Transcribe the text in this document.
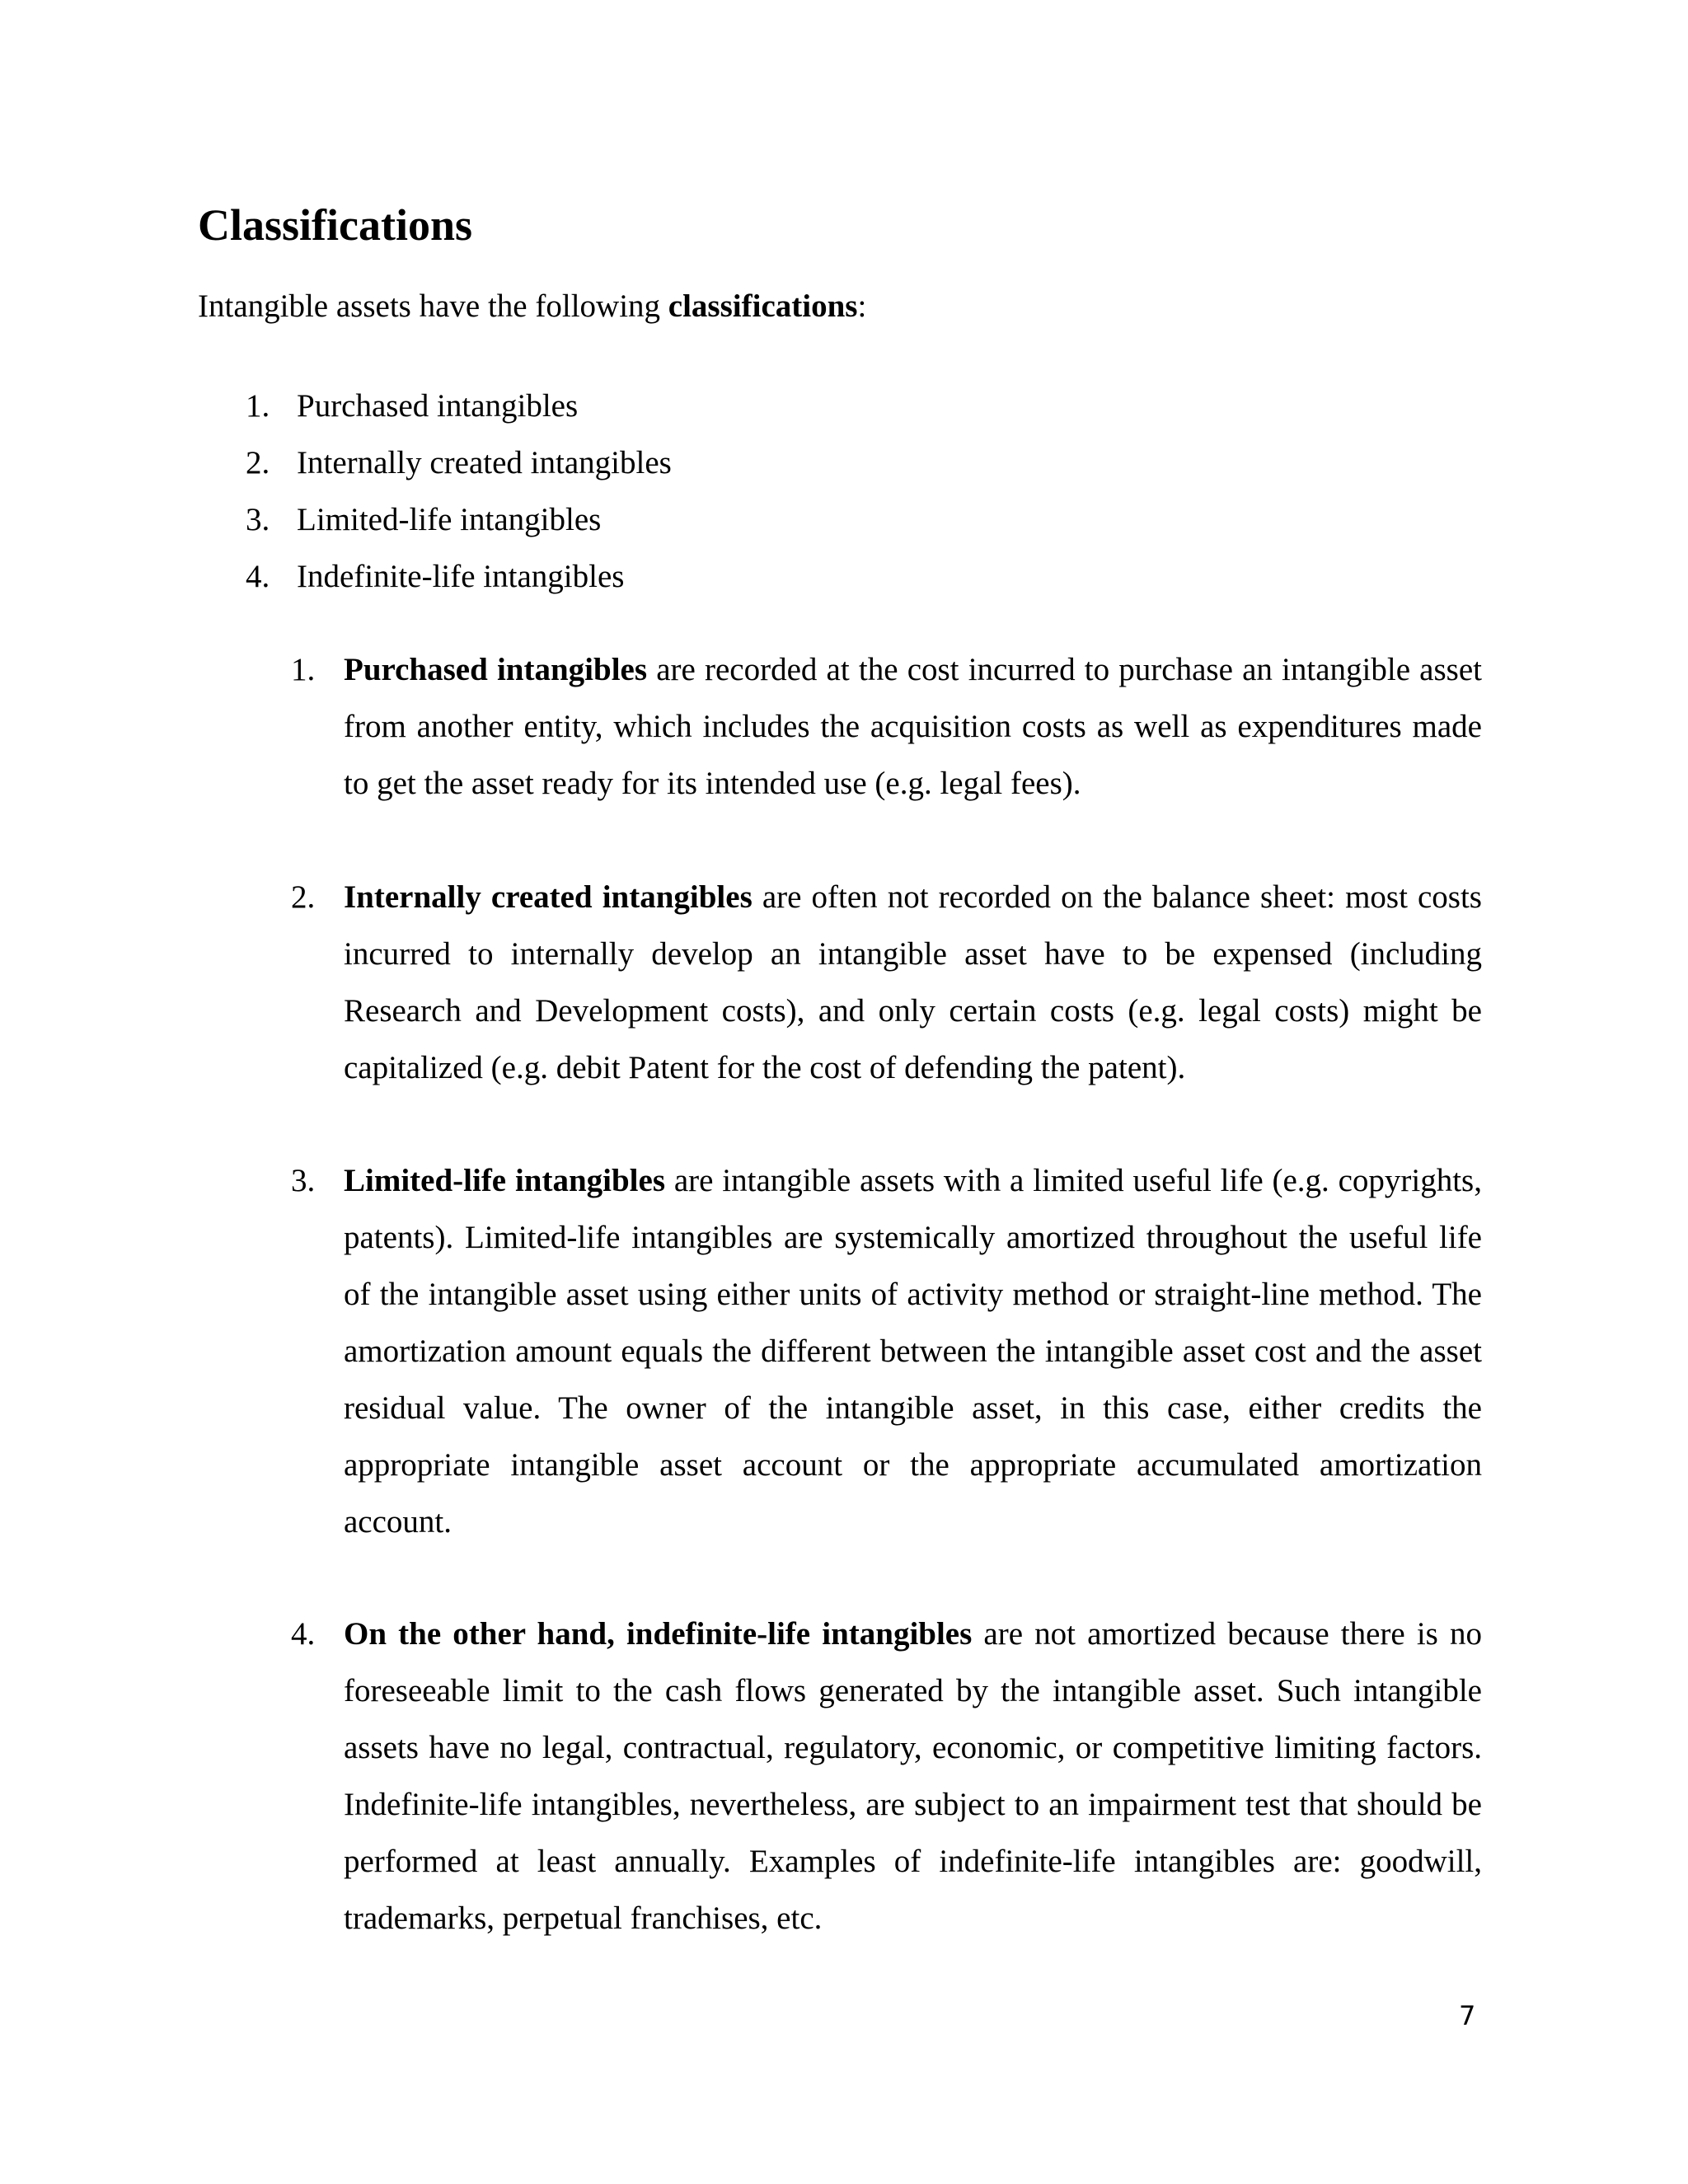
Classifications

Intangible assets have the following classifications:

1. Purchased intangibles
2. Internally created intangibles
3. Limited-life intangibles
4. Indefinite-life intangibles
1. Purchased intangibles are recorded at the cost incurred to purchase an intangible asset from another entity, which includes the acquisition costs as well as expenditures made to get the asset ready for its intended use (e.g. legal fees).

2. Internally created intangibles are often not recorded on the balance sheet: most costs incurred to internally develop an intangible asset have to be expensed (including Research and Development costs), and only certain costs (e.g. legal costs) might be capitalized (e.g. debit Patent for the cost of defending the patent).

3. Limited-life intangibles are intangible assets with a limited useful life (e.g. copyrights, patents). Limited-life intangibles are systemically amortized throughout the useful life of the intangible asset using either units of activity method or straight-line method. The amortization amount equals the different between the intangible asset cost and the asset residual value. The owner of the intangible asset, in this case, either credits the appropriate intangible asset account or the appropriate accumulated amortization account.

4. On the other hand, indefinite-life intangibles are not amortized because there is no foreseeable limit to the cash flows generated by the intangible asset. Such intangible assets have no legal, contractual, regulatory, economic, or competitive limiting factors. Indefinite-life intangibles, nevertheless, are subject to an impairment test that should be performed at least annually. Examples of indefinite-life intangibles are: goodwill, trademarks, perpetual franchises, etc.

7
